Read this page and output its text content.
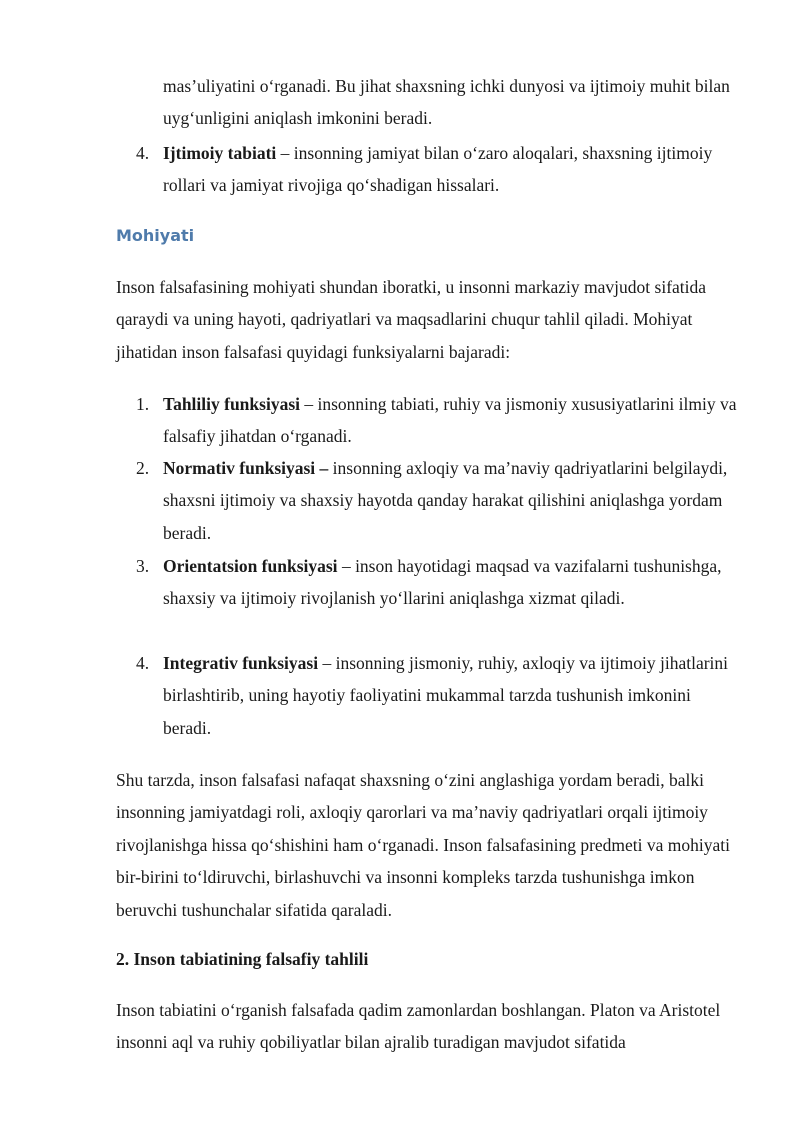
mas’uliyatini o‘rganadi. Bu jihat shaxsning ichki dunyosi va ijtimoiy muhit bilan uyg‘unligini aniqlash imkonini beradi.

4. Ijtimoiy tabiati – insonning jamiyat bilan o‘zaro aloqalari, shaxsning ijtimoiy rollari va jamiyat rivojiga qo‘shadigan hissalari.

Mohiyati

Inson falsafasining mohiyati shundan iboratki, u insonni markaziy mavjudot sifatida qaraydi va uning hayoti, qadriyatlari va maqsadlarini chuqur tahlil qiladi. Mohiyat jihatidan inson falsafasi quyidagi funksiyalarni bajaradi:

1. Tahliliy funksiyasi – insonning tabiati, ruhiy va jismoniy xususiyatlarini ilmiy va falsafiy jihatdan o‘rganadi.

2. Normativ funksiyasi – insonning axloqiy va ma’naviy qadriyatlarini belgilaydi, shaxsni ijtimoiy va shaxsiy hayotda qanday harakat qilishini aniqlashga yordam beradi.

3. Orientatsion funksiyasi – inson hayotidagi maqsad va vazifalarni tushunishga, shaxsiy va ijtimoiy rivojlanish yo‘llarini aniqlashga xizmat qiladi.

4. Integrativ funksiyasi – insonning jismoniy, ruhiy, axloqiy va ijtimoiy jihatlarini birlashtirib, uning hayotiy faoliyatini mukammal tarzda tushunish imkonini beradi.

Shu tarzda, inson falsafasi nafaqat shaxsning o‘zini anglashiga yordam beradi, balki insonning jamiyatdagi roli, axloqiy qarorlari va ma’naviy qadriyatlari orqali ijtimoiy rivojlanishga hissa qo‘shishini ham o‘rganadi. Inson falsafasining predmeti va mohiyati bir-birini to‘ldiruvchi, birlashuvchi va insonni kompleks tarzda tushunishga imkon beruvchi tushunchalar sifatida qaraladi.

2. Inson tabiatining falsafiy tahlili

Inson tabiatini o‘rganish falsafada qadim zamonlardan boshlangan. Platon va Aristotel insonni aql va ruhiy qobiliyatlar bilan ajralib turadigan mavjudot sifatida
